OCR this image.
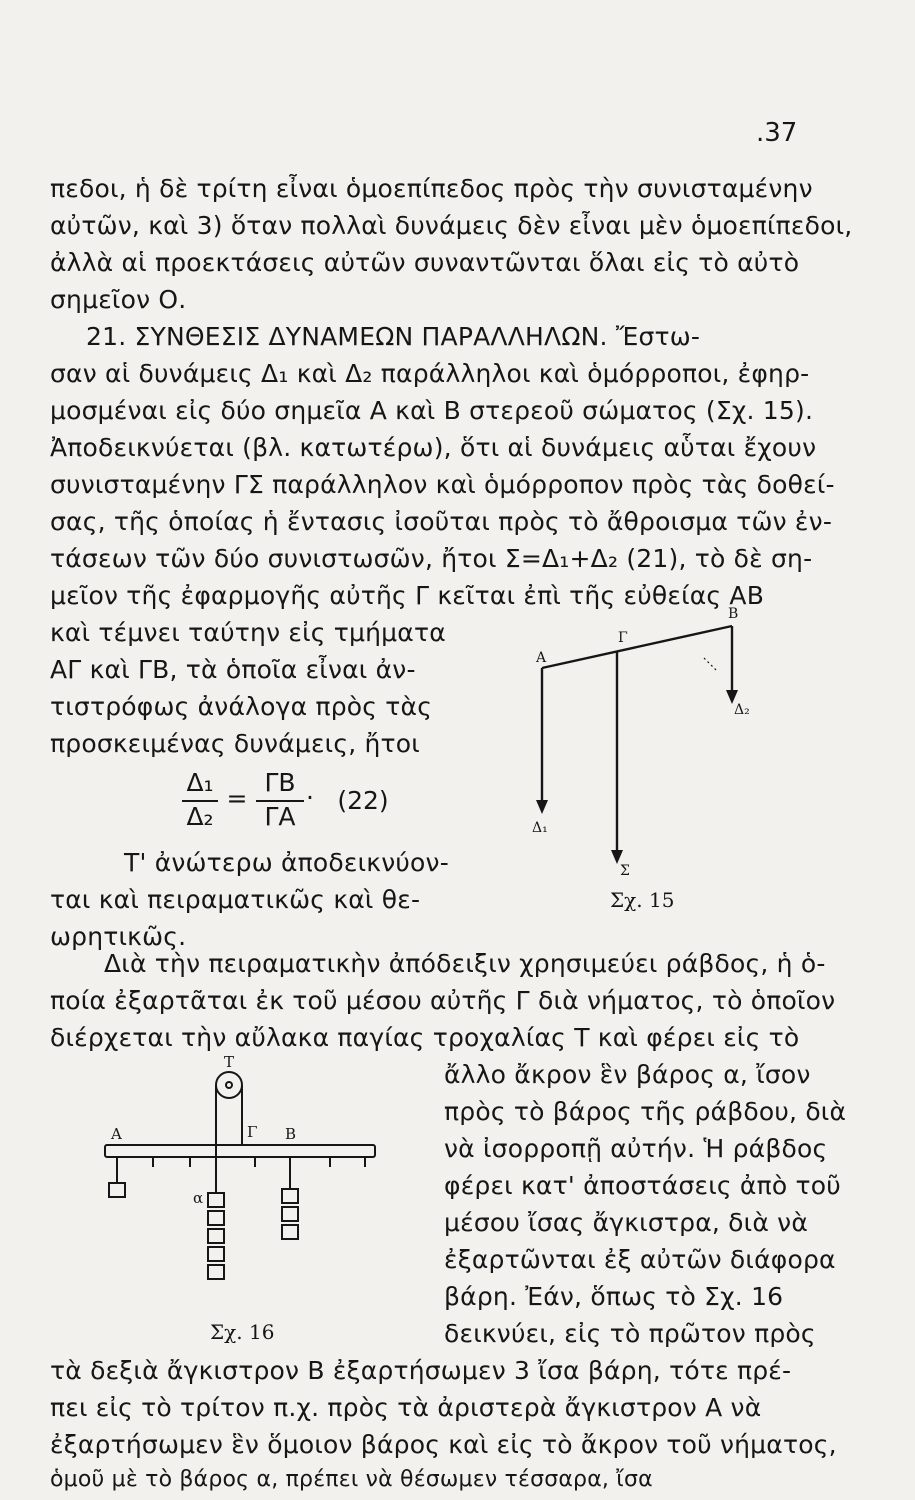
.37
πεδοι, ἡ δὲ τρίτη εἶναι ὁμοεπίπεδος πρὸς τὴν συνισταμένην
αὐτῶν, καὶ 3) ὅταν πολλαὶ δυνάμεις δὲν εἶναι μὲν ὁμοεπίπεδοι,
ἀλλὰ αἱ προεκτάσεις αὐτῶν συναντῶνται ὅλαι εἰς τὸ αὐτὸ
σημεῖον Ο.
21. ΣΥΝΘΕΣΙΣ ΔΥΝΑΜΕΩΝ ΠΑΡΑΛΛΗΛΩΝ. Ἔστω-
σαν αἱ δυνάμεις Δ₁ καὶ Δ₂ παράλληλοι καὶ ὁμόρροποι, ἐφηρ-
μοσμέναι εἰς δύο σημεῖα Α καὶ Β στερεοῦ σώματος (Σχ. 15).
Ἀποδεικνύεται (βλ. κατωτέρω), ὅτι αἱ δυνάμεις αὗται ἔχουν
συνισταμένην ΓΣ παράλληλον καὶ ὁμόρροπον πρὸς τὰς δοθεί-
σας, τῆς ὁποίας ἡ ἔντασις ἰσοῦται πρὸς τὸ ἄθροισμα τῶν ἐν-
τάσεων τῶν δύο συνιστωσῶν, ἤτοι Σ=Δ₁+Δ₂ (21), τὸ δὲ ση-
μεῖον τῆς ἐφαρμογῆς αὐτῆς Γ κεῖται ἐπὶ τῆς εὐθείας ΑΒ
καὶ τέμνει ταύτην εἰς τμήματα
ΑΓ καὶ ΓΒ, τὰ ὁποῖα εἶναι ἀν-
τιστρόφως ἀνάλογα πρὸς τὰς
προσκειμένας δυνάμεις, ἤτοι
Δ₁
Δ₂
=
ΓΒ
ΓΑ
. (22)
Τ' ἀνώτερω ἀποδεικνύον-
ται καὶ πειραματικῶς καὶ θε-
ωρητικῶς.
Α
Γ
Β
Δ₁
Δ₂
Σ
Σχ. 15
Διὰ τὴν πειραματικὴν ἀπόδειξιν χρησιμεύει ράβδος, ἡ ὁ-
ποία ἐξαρτᾶται ἐκ τοῦ μέσου αὐτῆς Γ διὰ νήματος, τὸ ὁποῖον
διέρχεται τὴν αὔλακα παγίας τροχαλίας Τ καὶ φέρει εἰς τὸ
ἄλλο ἄκρον ἓν βάρος α, ἴσον
πρὸς τὸ βάρος τῆς ράβδου, διὰ
νὰ ἰσορροπῇ αὐτήν. Ἡ ράβδος
φέρει κατ' ἀποστάσεις ἀπὸ τοῦ
μέσου ἴσας ἄγκιστρα, διὰ νὰ
ἐξαρτῶνται ἐξ αὐτῶν διάφορα
βάρη. Ἐάν, ὅπως τὸ Σχ. 16
δεικνύει, εἰς τὸ πρῶτον πρὸς
Τ
Α	Γ Β
α
Σχ. 16
τὰ δεξιὰ ἄγκιστρον Β ἐξαρτήσωμεν 3 ἴσα βάρη, τότε πρέ-
πει εἰς τὸ τρίτον π.χ. πρὸς τὰ ἀριστερὰ ἄγκιστρον Α νὰ
ἐξαρτήσωμεν ἓν ὅμοιον βάρος καὶ εἰς τὸ ἄκρον τοῦ νήματος,
ὁμοῦ μὲ τὸ βάρος α, πρέπει νὰ θέσωμεν τέσσαρα, ἴσα
